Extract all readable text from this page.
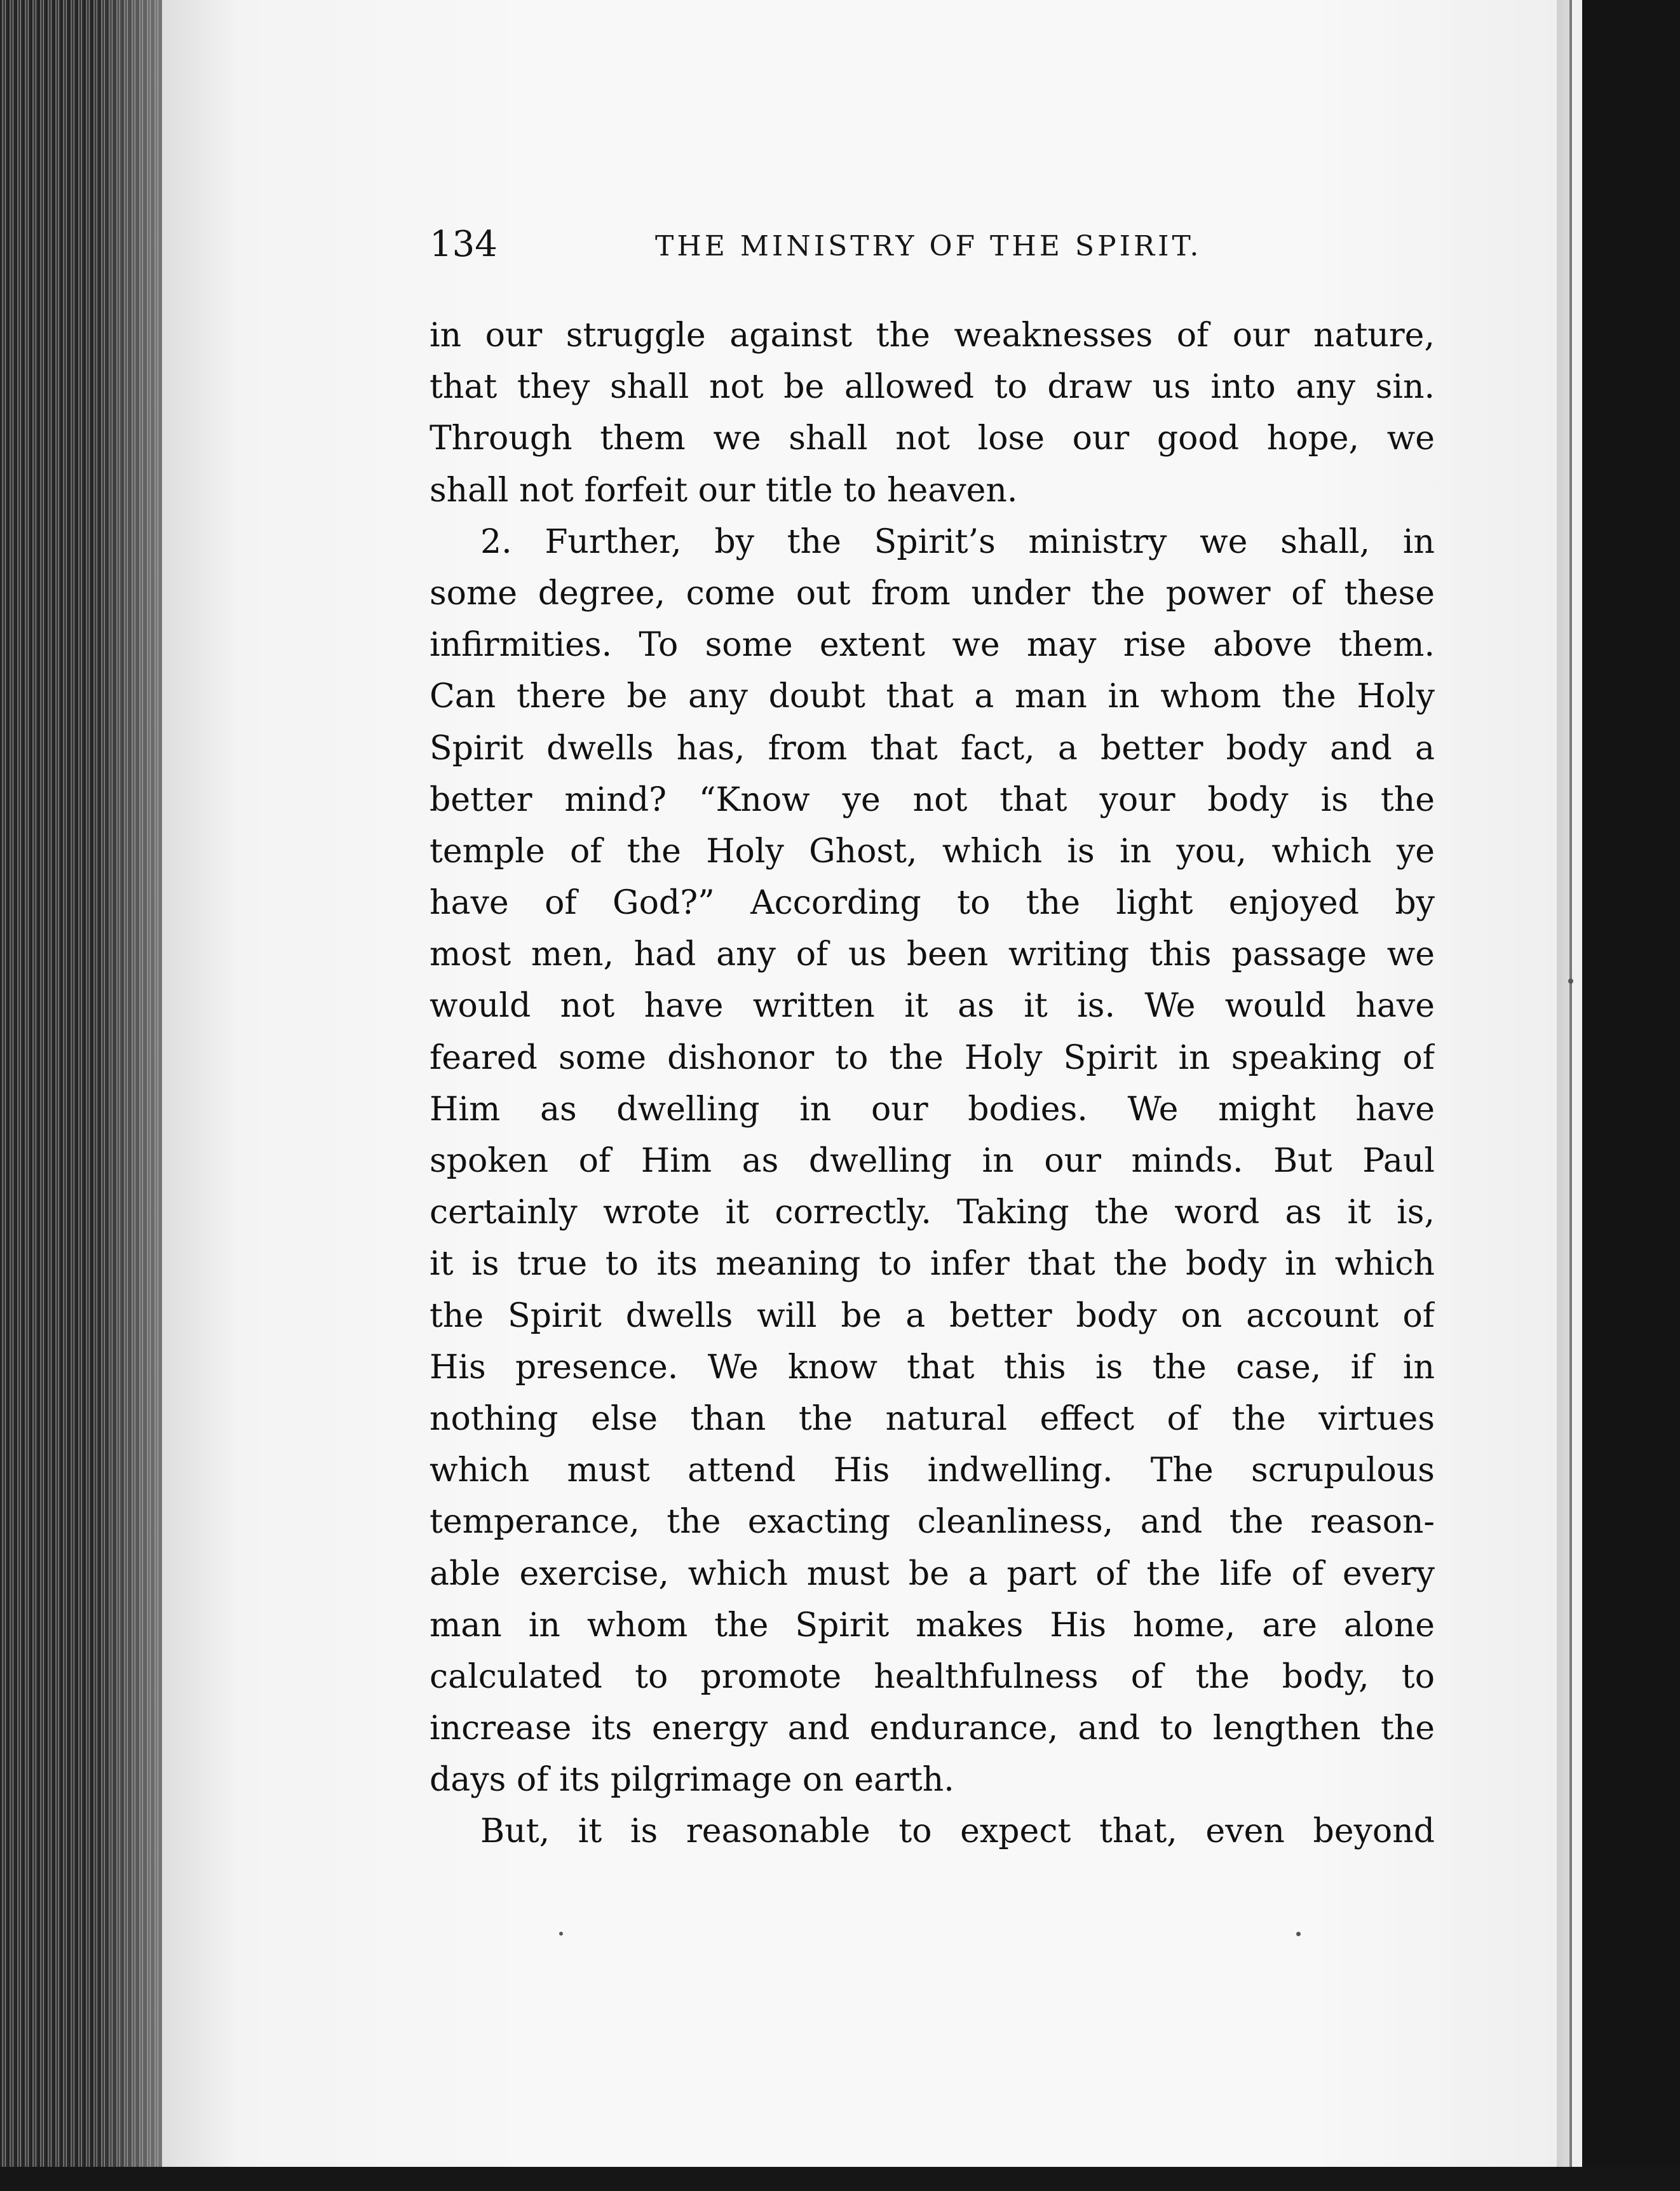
134	THE MINISTRY OF THE SPIRIT.
in our struggle against the weaknesses of our nature,
that they shall not be allowed to draw us into any sin.
Through them we shall not lose our good hope, we
shall not forfeit our title to heaven.
2. Further, by the Spirit’s ministry we shall, in
some degree, come out from under the power of these
infirmities. To some extent we may rise above them.
Can there be any doubt that a man in whom the Holy
Spirit dwells has, from that fact, a better body and a
better mind? “Know ye not that your body is the
temple of the Holy Ghost, which is in you, which ye
have of God?” According to the light enjoyed by
most men, had any of us been writing this passage we
would not have written it as it is. We would have
feared some dishonor to the Holy Spirit in speaking of
Him as dwelling in our bodies. We might have
spoken of Him as dwelling in our minds. But Paul
certainly wrote it correctly. Taking the word as it is,
it is true to its meaning to infer that the body in which
the Spirit dwells will be a better body on account of
His presence. We know that this is the case, if in
nothing else than the natural effect of the virtues
which must attend His indwelling. The scrupulous
temperance, the exacting cleanliness, and the reason-
able exercise, which must be a part of the life of every
man in whom the Spirit makes His home, are alone
calculated to promote healthfulness of the body, to
increase its energy and endurance, and to lengthen the
days of its pilgrimage on earth.
But, it is reasonable to expect that, even beyond
